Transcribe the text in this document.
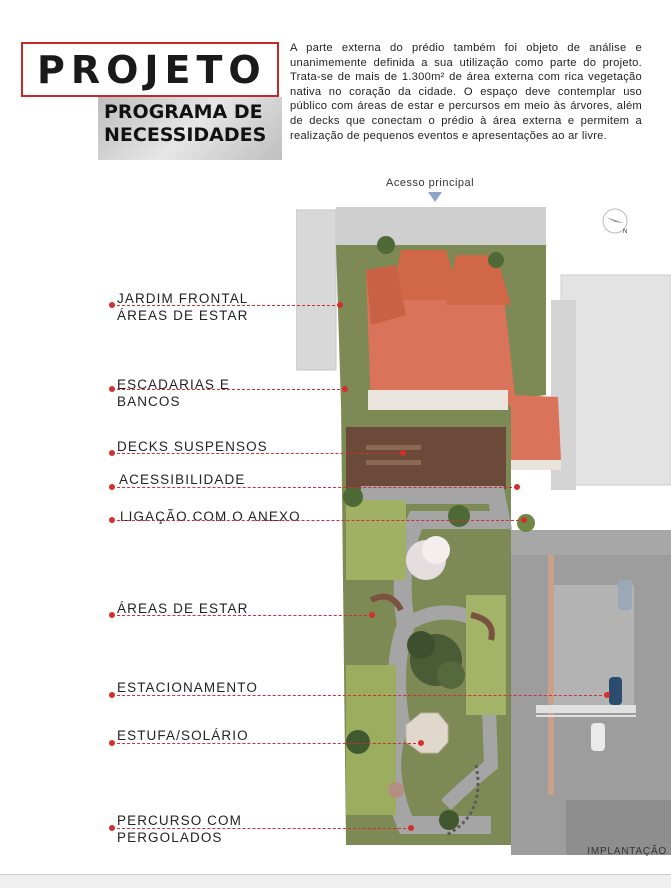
PROJETO
PROGRAMA DE
NECESSIDADES
A parte externa do prédio também foi objeto de análise e unanimemente definida a sua utilização como parte do projeto. Trata-se de mais de 1.300m² de área externa com rica vegetação nativa no coração da cidade. O espaço deve contemplar uso público com áreas de estar e percursos em meio às árvores, além de decks que conectam o prédio à área externa e permitem a realização de pequenos eventos e apresentações ao ar livre.
Acesso principal
N
JARDIM FRONTAL
ÁREAS DE ESTAR
ESCADARIAS E
BANCOS
DECKS SUSPENSOS
ACESSIBILIDADE
LIGAÇÃO COM O ANEXO
ÁREAS DE ESTAR
ESTACIONAMENTO
ESTUFA/SOLÁRIO
PERCURSO COM
PERGOLADOS
IMPLANTAÇÃO
